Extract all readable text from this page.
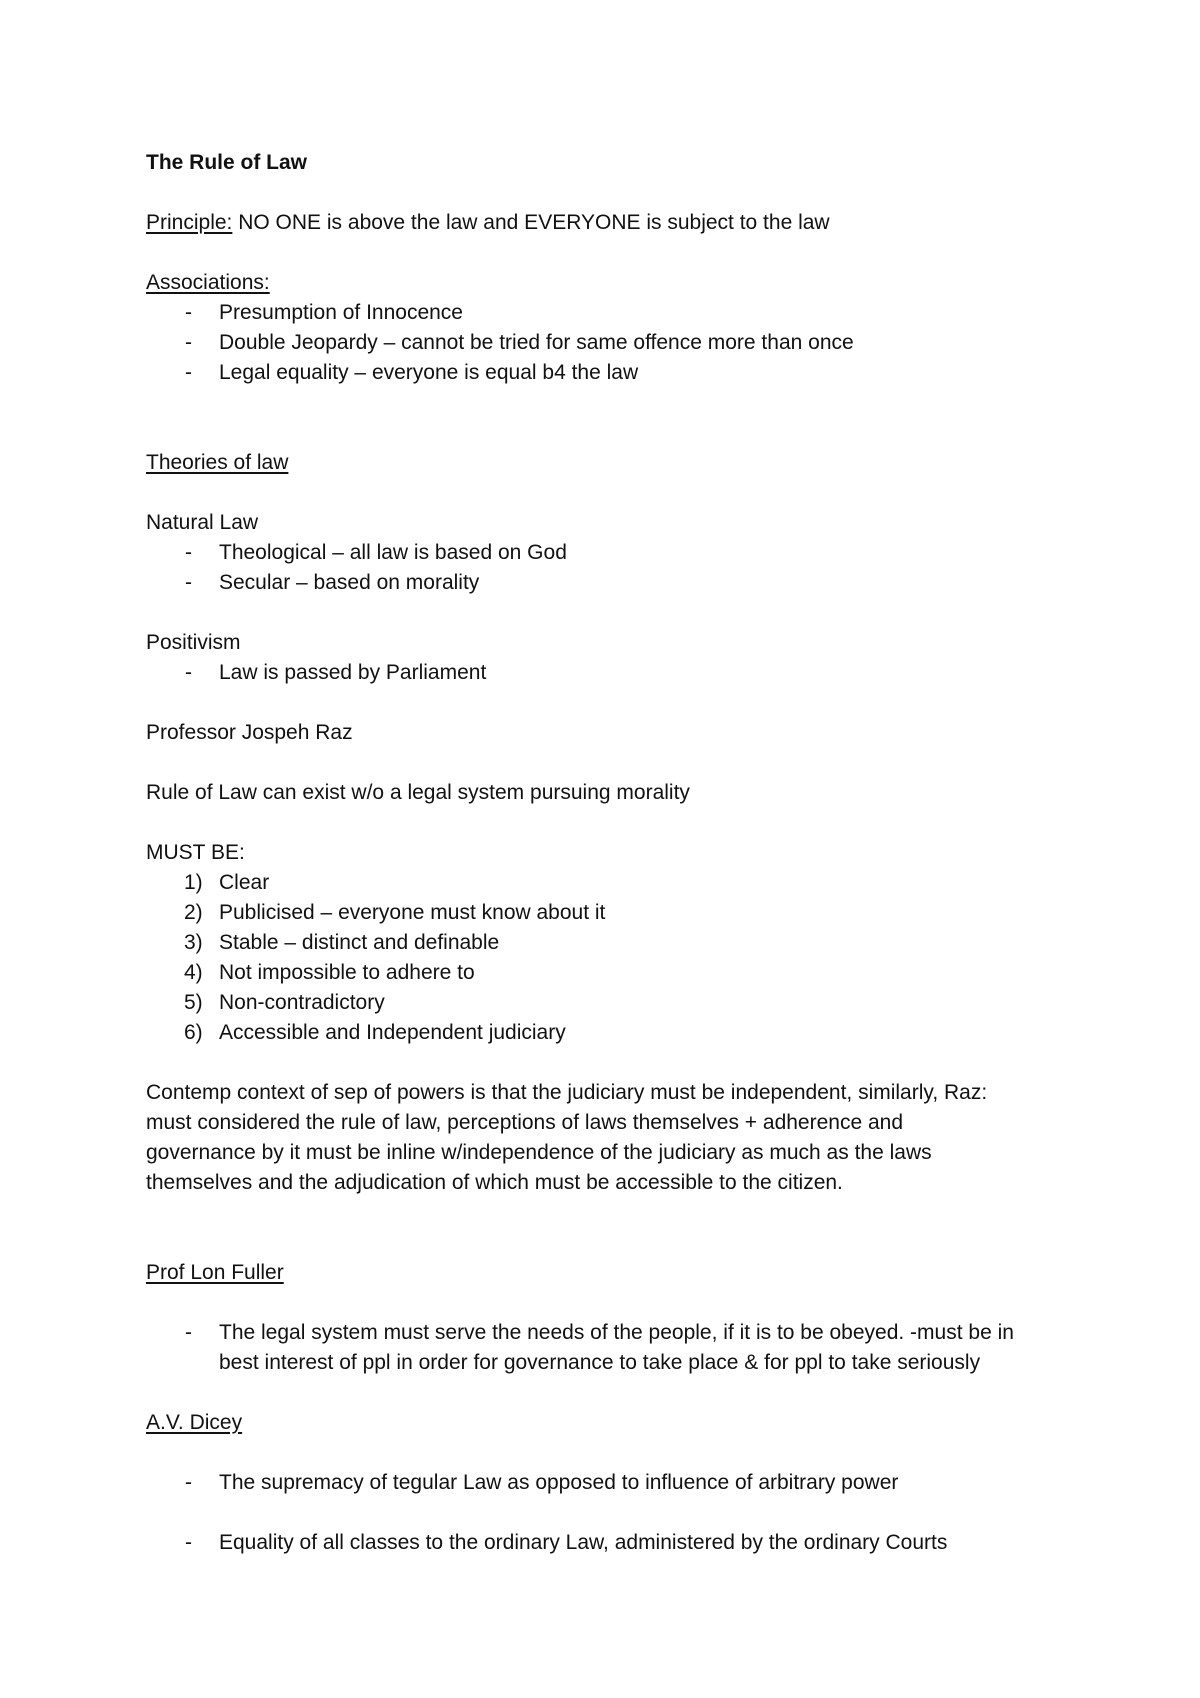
The Rule of Law
Principle: NO ONE is above the law and EVERYONE is subject to the law
Associations:
- Presumption of Innocence
- Double Jeopardy – cannot be tried for same offence more than once
- Legal equality – everyone is equal b4 the law
Theories of law
Natural Law
- Theological – all law is based on God
- Secular – based on morality
Positivism
- Law is passed by Parliament
Professor Jospeh Raz
Rule of Law can exist w/o a legal system pursuing morality
MUST BE:
1) Clear
2) Publicised – everyone must know about it
3) Stable – distinct and definable
4) Not impossible to adhere to
5) Non-contradictory
6) Accessible and Independent judiciary
Contemp context of sep of powers is that the judiciary must be independent, similarly, Raz:
must considered the rule of law, perceptions of laws themselves + adherence and
governance by it must be inline w/independence of the judiciary as much as the laws
themselves and the adjudication of which must be accessible to the citizen.
Prof Lon Fuller
- The legal system must serve the needs of the people, if it is to be obeyed. -must be in
best interest of ppl in order for governance to take place & for ppl to take seriously
A.V. Dicey
- The supremacy of tegular Law as opposed to influence of arbitrary power
- Equality of all classes to the ordinary Law, administered by the ordinary Courts
